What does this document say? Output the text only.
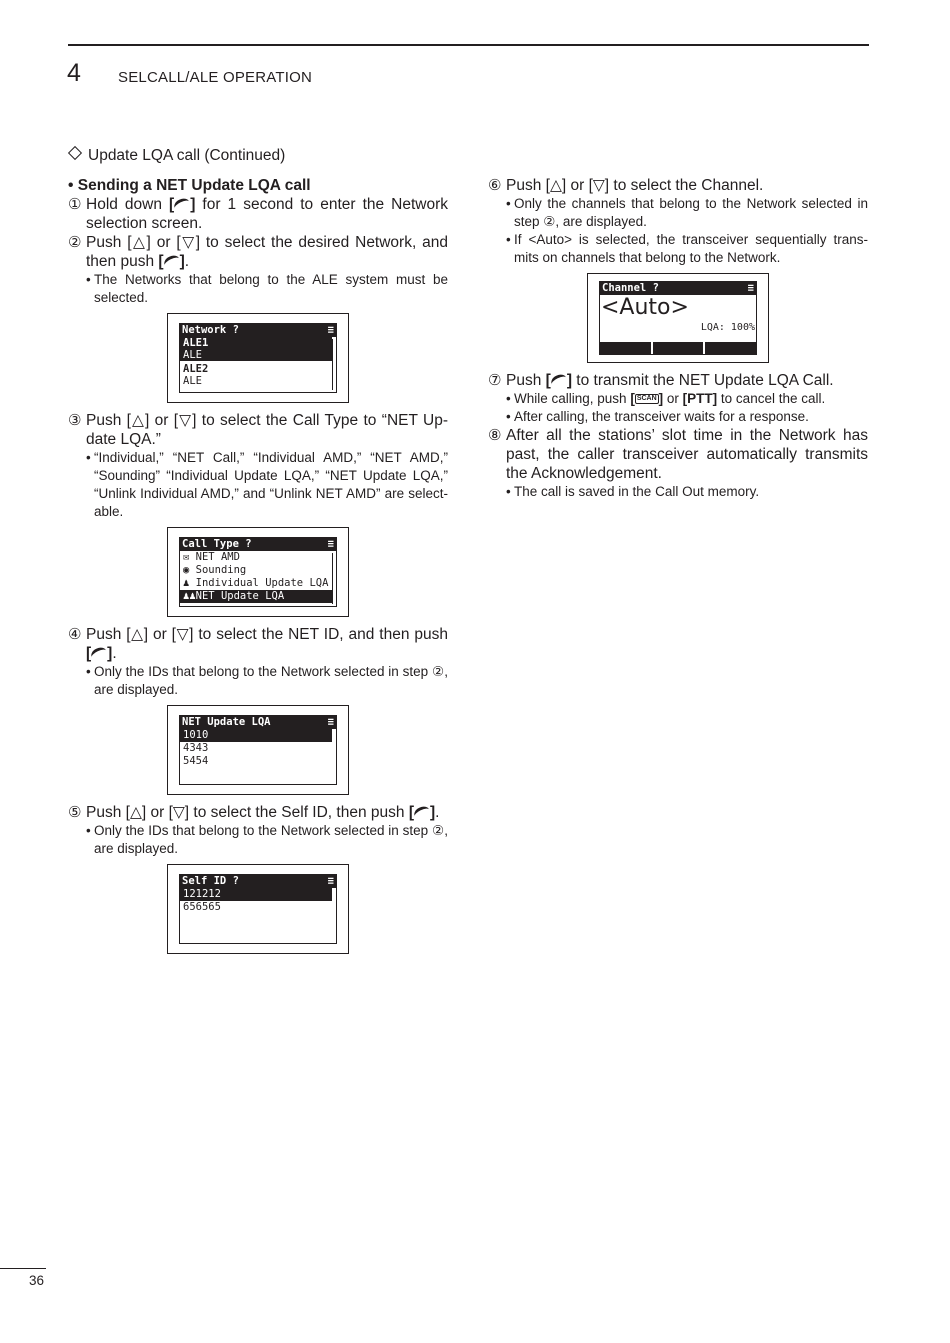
4 SELCALL/ALE OPERATION
Update LQA call (Continued)
• Sending a NET Update LQA call
① Hold down [ ] for 1 second to enter the Network selection screen.
② Push [△] or [▽] to select the desired Network, and then push [ ].
• The Networks that belong to the ALE system must be selected.
Network ?	≡
ALE1
ALE
ALE2
ALE
③ Push [△] or [▽] to select the Call Type to “NET Up-date LQA.”
• “Individual,” “NET Call,” “Individual AMD,” “NET AMD,” “Sounding” “Individual Update LQA,” “NET Update LQA,” “Unlink Individual AMD,” and “Unlink NET AMD” are select-able.
Call Type ?	≡
✉ NET AMD
◉ Sounding
♟ Individual Update LQA
♟♟NET Update LQA
④ Push [△] or [▽] to select the NET ID, and then push [ ].
• Only the IDs that belong to the Network selected in step ②, are displayed.
NET Update LQA	≡
1010
4343
5454
⑤ Push [△] or [▽] to select the Self ID, then push [ ].
• Only the IDs that belong to the Network selected in step ②, are displayed.
Self ID ?	≡
121212
656565
⑥ Push [△] or [▽] to select the Channel.
• Only the channels that belong to the Network selected in step ②, are displayed.
• If <Auto> is selected, the transceiver sequentially trans-mits on channels that belong to the Network.
Channel ?	≡
<Auto>
LQA: 100%
⑦ Push [ ] to transmit the NET Update LQA Call.
• While calling, push [ SCAN ] or [PTT] to cancel the call.
• After calling, the transceiver waits for a response.
⑧ After all the stations’ slot time in the Network has past, the caller transceiver automatically transmits the Acknowledgement.
• The call is saved in the Call Out memory.
36
